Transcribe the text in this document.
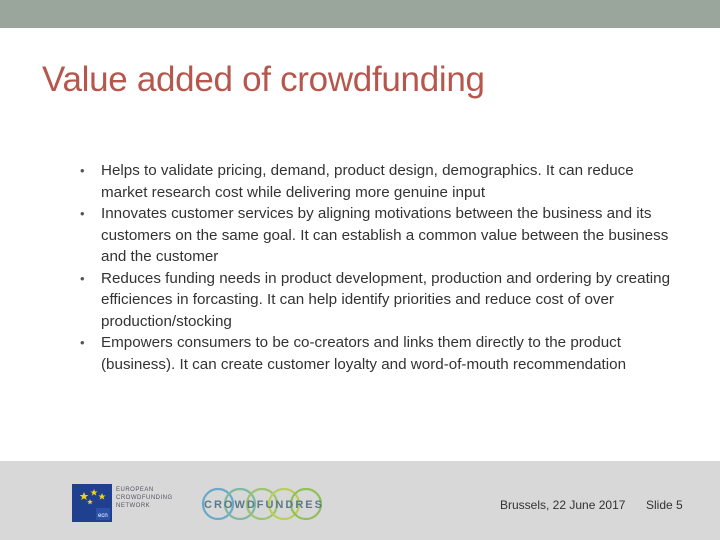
Value added of crowdfunding
• Helps to validate pricing, demand, product design, demographics. It can reduce market research cost while delivering more genuine input
• Innovates customer services by aligning motivations between the business and its customers on the same goal. It can establish a common value between the business and the customer
• Reduces funding needs in product development, production and ordering by creating efficiences in forcasting. It can help identify priorities and reduce cost of over production/stocking
• Empowers consumers to be co-creators and links them directly to the product (business). It can create customer loyalty and word-of-mouth recommendation
ecn
EUROPEAN CROWDFUNDING NETWORK	CROWDFUNDRES	Brussels, 22 June 2017 Slide 5
